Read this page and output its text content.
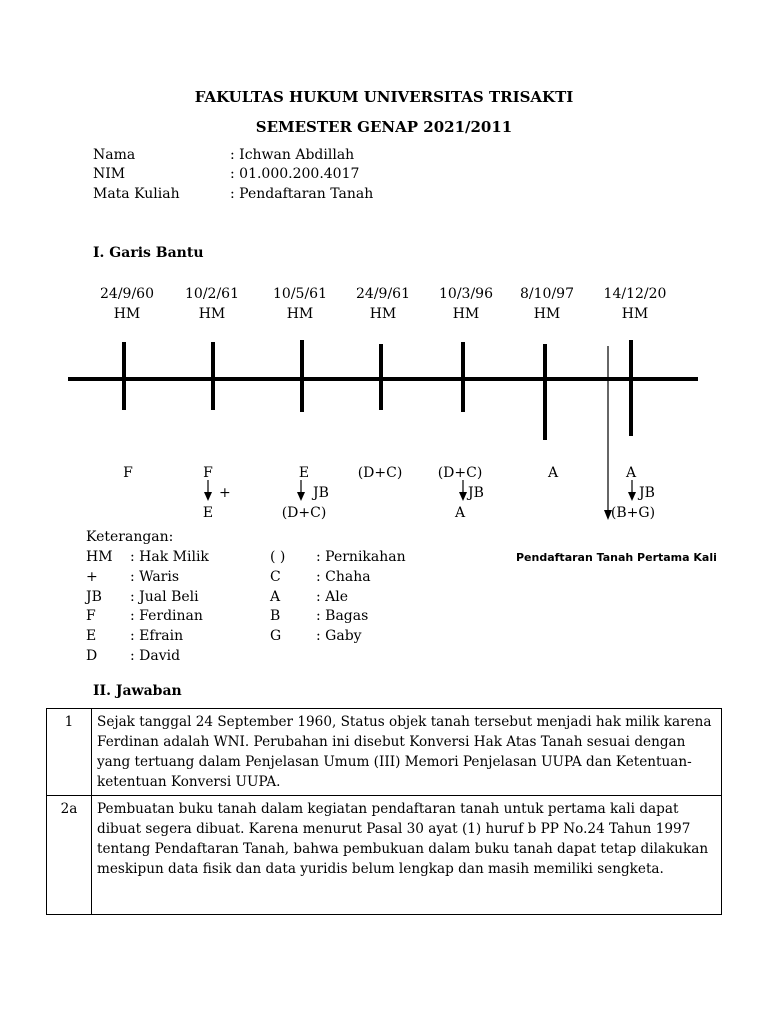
FAKULTAS HUKUM UNIVERSITAS TRISAKTI
SEMESTER GENAP 2021/2011
Nama	: Ichwan Abdillah
NIM	: 01.000.200.4017
Mata Kuliah	: Pendaftaran Tanah
I. Garis Bantu
24/9/60	10/2/61	10/5/61	24/9/61	10/3/96	8/10/97	14/12/20
HM	HM	HM	HM	HM	HM	HM
F	F	E	(D+C)	(D+C)	A	A
+	JB	JB	JB
E	(D+C)	A	(B+G)
Pendaftaran Tanah Pertama Kali
Keterangan:
HM : Hak Milik
+ : Waris
JB : Jual Beli
F : Ferdinan
E : Efrain
D : David
( ) : Pernikahan
C	: Chaha
A	: Ale
B	: Bagas
G : Gaby
II. Jawaban
1	Sejak tanggal 24 September 1960, Status objek tanah tersebut menjadi hak milik karena Ferdinan adalah WNI. Perubahan ini disebut Konversi Hak Atas Tanah sesuai dengan yang tertuang dalam Penjelasan Umum (III) Memori Penjelasan UUPA dan Ketentuan-ketentuan Konversi UUPA.
2a	Pembuatan buku tanah dalam kegiatan pendaftaran tanah untuk pertama kali dapat dibuat segera dibuat. Karena menurut Pasal 30 ayat (1) huruf b PP No.24 Tahun 1997 tentang Pendaftaran Tanah, bahwa pembukuan dalam buku tanah dapat tetap dilakukan meskipun data fisik dan data yuridis belum lengkap dan masih memiliki sengketa.
